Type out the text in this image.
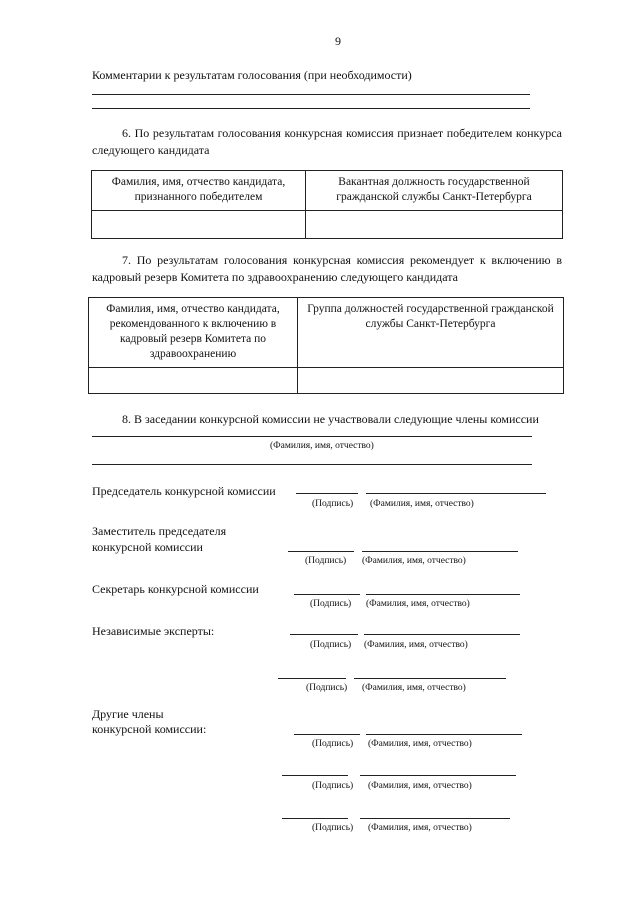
9
Комментарии к результатам голосования (при необходимости)
6. По результатам голосования конкурсная комиссия признает победителем конкурса следующего кандидата
Фамилия, имя, отчество кандидата, признанного победителем	Вакантная должность государственной гражданской службы Санкт-Петербурга

7. По результатам голосования конкурсная комиссия рекомендует к включению в кадровый резерв Комитета по здравоохранению следующего кандидата
Фамилия, имя, отчество кандидата, рекомендованного к включению в кадровый резерв Комитета по здравоохранению	Группа должностей государственной гражданской службы Санкт-Петербурга

8. В заседании конкурсной комиссии не участвовали следующие члены комиссии
(Фамилия, имя, отчество)
Председатель конкурсной комиссии
(Подпись) (Фамилия, имя, отчество)
Заместитель председателя
конкурсной комиссии
(Подпись) (Фамилия, имя, отчество)
Секретарь конкурсной комиссии
(Подпись) (Фамилия, имя, отчество)
Независимые эксперты:
(Подпись) (Фамилия, имя, отчество)
(Подпись) (Фамилия, имя, отчество)
Другие члены
конкурсной комиссии:
(Подпись) (Фамилия, имя, отчество)
(Подпись) (Фамилия, имя, отчество)
(Подпись) (Фамилия, имя, отчество)
